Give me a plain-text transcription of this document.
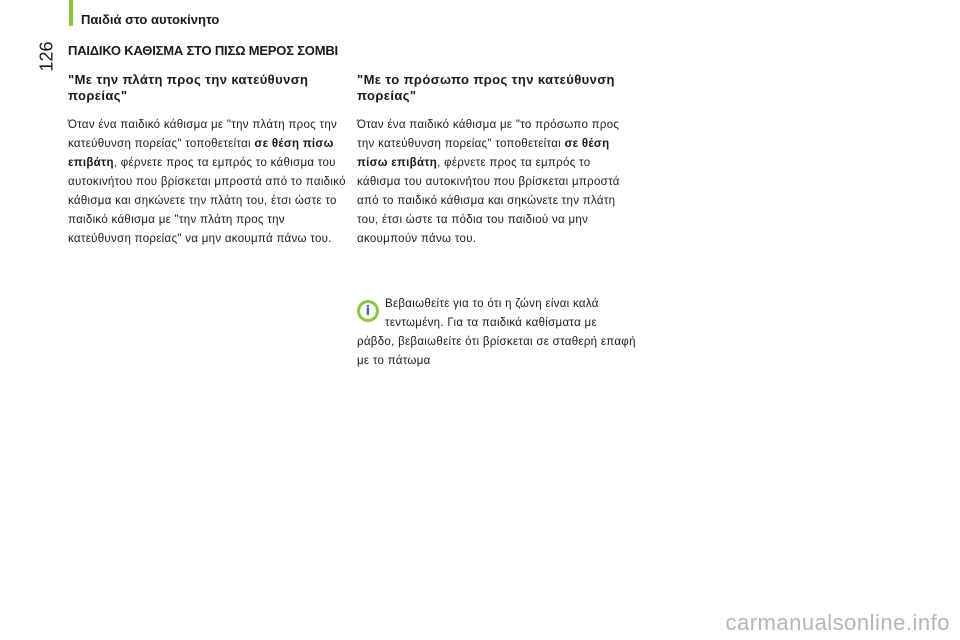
Παιδιά στο αυτοκίνητο
126 ΠΑΙΔΙΚΟ ΚΑΘΙΣΜΑ ΣΤΟ ΠΙΣΩ ΜΕΡΟΣ ΣΟΜΒΙ
"Με την πλάτη προς την κατεύθυνση πορείας"

Όταν ένα παιδικό κάθισμα με "την πλάτη προς την κατεύθυνση πορείας" τοποθετείται σε θέση πίσω επιβάτη, φέρνετε προς τα εμπρός το κάθισμα του αυτοκινήτου που βρίσκεται μπροστά από το παιδικό κάθισμα και σηκώνετε την πλάτη του, έτσι ώστε το παιδικό κάθισμα με "την πλάτη προς την κατεύθυνση πορείας" να μην ακουμπά πάνω του.

"Με το πρόσωπο προς την κατεύθυνση πορείας"

Όταν ένα παιδικό κάθισμα με "το πρόσωπο προς την κατεύθυνση πορείας" τοποθετείται σε θέση πίσω επιβάτη, φέρνετε προς τα εμπρός το κάθισμα του αυτοκινήτου που βρίσκεται μπροστά από το παιδικό κάθισμα και σηκώνετε την πλάτη του, έτσι ώστε τα πόδια του παιδιού να μην ακουμπούν πάνω του.

i	Βεβαιωθείτε για το ότι η ζώνη είναι καλά τεντωμένη. Για τα παιδικά καθίσματα με ράβδο, βεβαιωθείτε ότι βρίσκεται σε σταθερή επαφή με το πάτωμα
carmanualsonline.info
